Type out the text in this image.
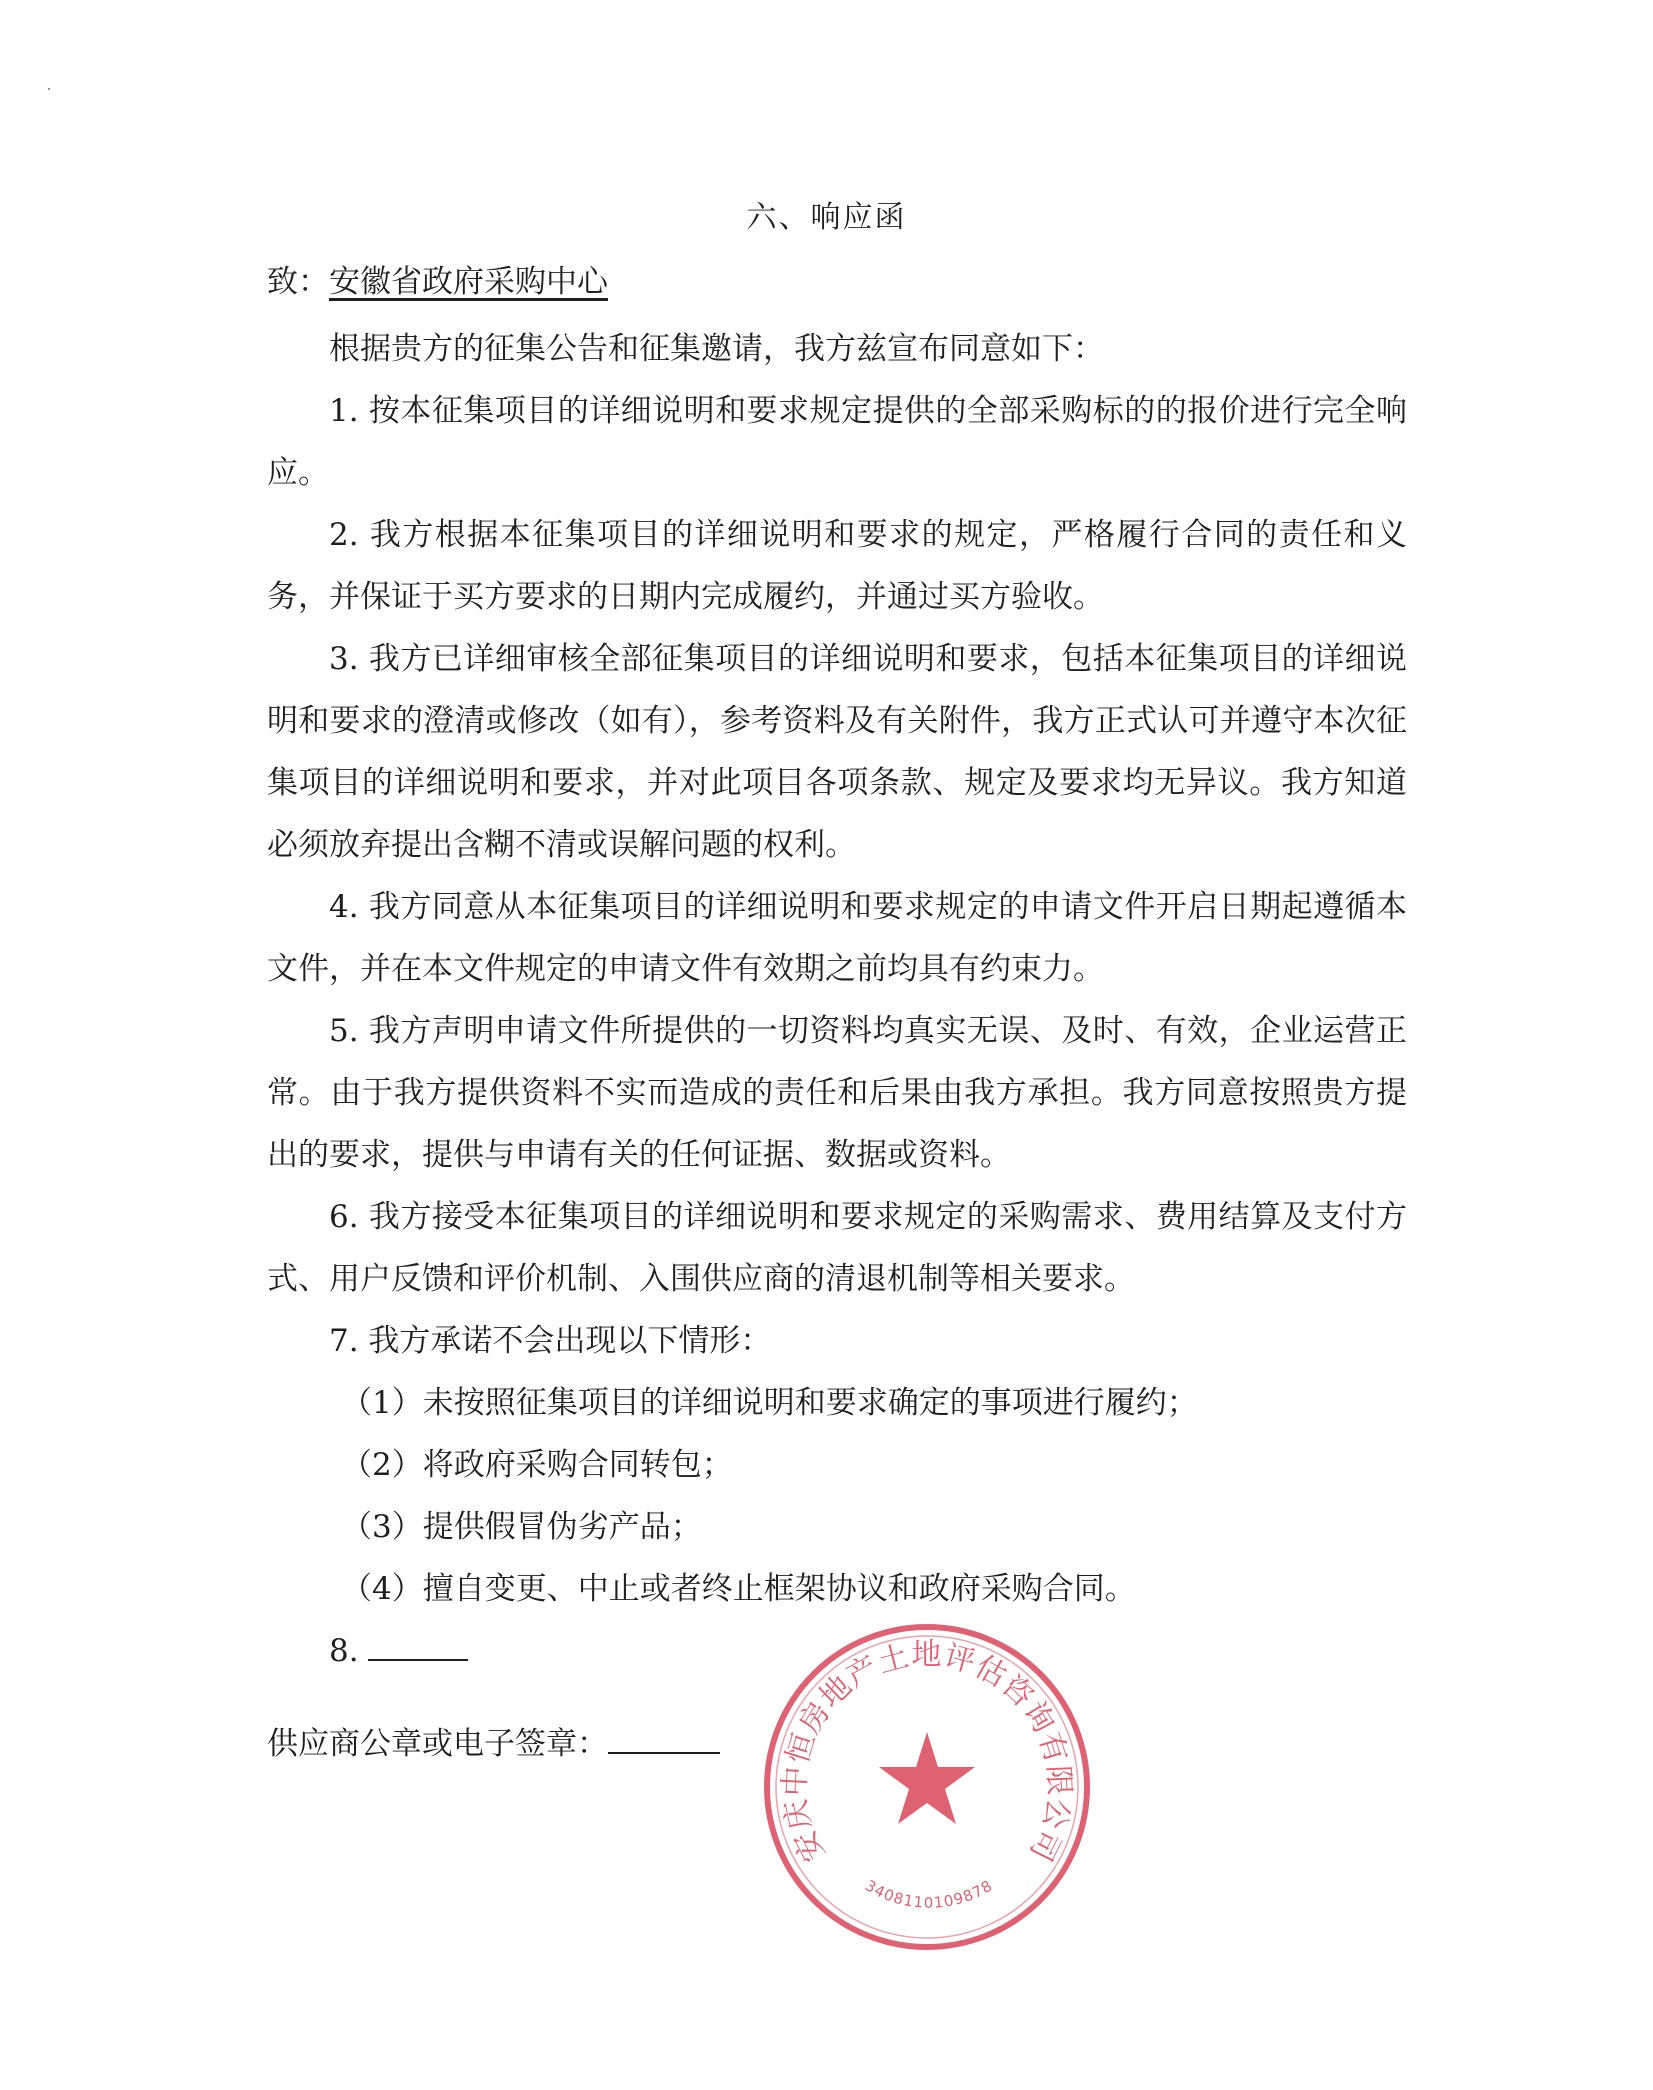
六、响应函
致：安徽省政府采购中心

根据贵方的征集公告和征集邀请，我方兹宣布同意如下：

1. 按本征集项目的详细说明和要求规定提供的全部采购标的的报价进行完全响应。

2. 我方根据本征集项目的详细说明和要求的规定，严格履行合同的责任和义务，并保证于买方要求的日期内完成履约，并通过买方验收。

3. 我方已详细审核全部征集项目的详细说明和要求，包括本征集项目的详细说明和要求的澄清或修改（如有），参考资料及有关附件，我方正式认可并遵守本次征集项目的详细说明和要求，并对此项目各项条款、规定及要求均无异议。我方知道必须放弃提出含糊不清或误解问题的权利。

4. 我方同意从本征集项目的详细说明和要求规定的申请文件开启日期起遵循本文件，并在本文件规定的申请文件有效期之前均具有约束力。

5. 我方声明申请文件所提供的一切资料均真实无误、及时、有效，企业运营正常。由于我方提供资料不实而造成的责任和后果由我方承担。我方同意按照贵方提出的要求，提供与申请有关的任何证据、数据或资料。

6. 我方接受本征集项目的详细说明和要求规定的采购需求、费用结算及支付方式、用户反馈和评价机制、入围供应商的清退机制等相关要求。

7. 我方承诺不会出现以下情形：

（1）未按照征集项目的详细说明和要求确定的事项进行履约；

（2）将政府采购合同转包；

（3）提供假冒伪劣产品；

（4）擅自变更、中止或者终止框架协议和政府采购合同。

8.

供应商公章或电子签章：
安庆中恒房地产土地评估咨询有限公司
3408110109878
